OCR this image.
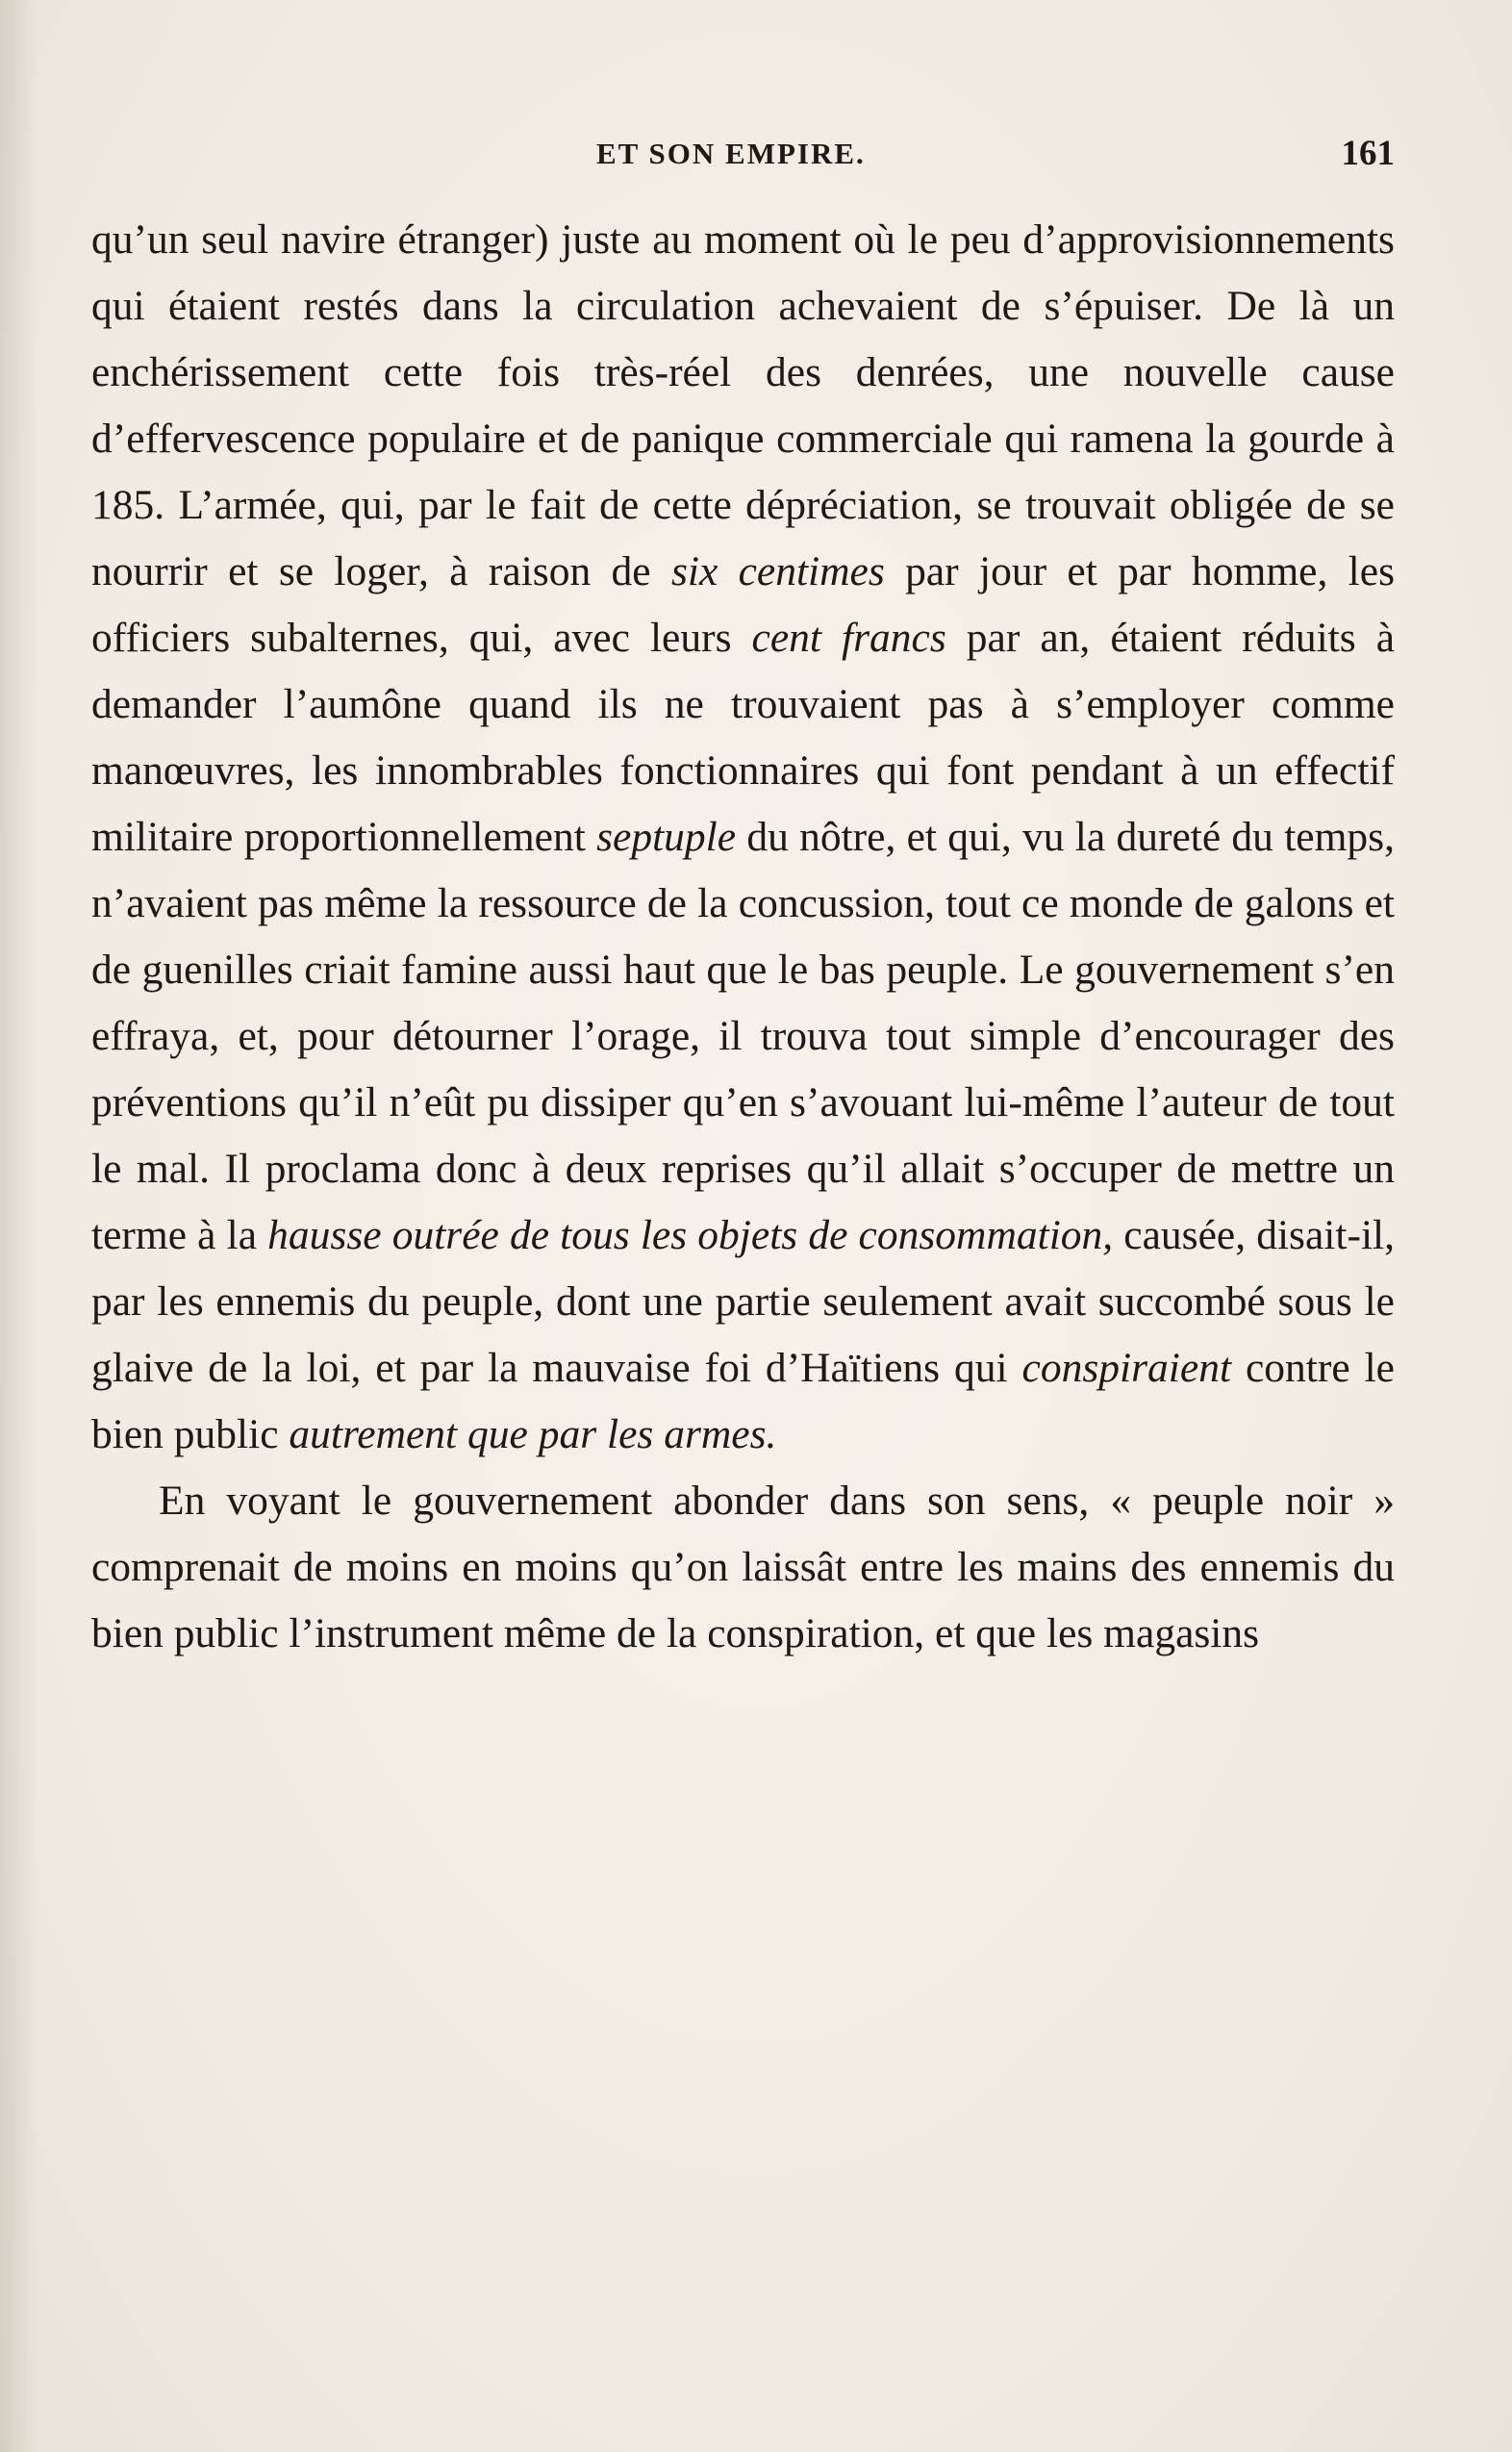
ET SON EMPIRE.	161

qu’un seul navire étranger) juste au moment où le peu d’approvisionnements qui étaient restés dans la circulation achevaient de s’épuiser. De là un enchérissement cette fois très-réel des denrées, une nouvelle cause d’effervescence populaire et de panique commerciale qui ramena la gourde à 185. L’armée, qui, par le fait de cette dépréciation, se trouvait obligée de se nourrir et se loger, à raison de six centimes par jour et par homme, les officiers subalternes, qui, avec leurs cent francs par an, étaient réduits à demander l’aumône quand ils ne trouvaient pas à s’employer comme manœuvres, les innombrables fonctionnaires qui font pendant à un effectif militaire proportionnellement septuple du nôtre, et qui, vu la dureté du temps, n’avaient pas même la ressource de la concussion, tout ce monde de galons et de guenilles criait famine aussi haut que le bas peuple. Le gouvernement s’en effraya, et, pour détourner l’orage, il trouva tout simple d’encourager des préventions qu’il n’eût pu dissiper qu’en s’avouant lui-même l’auteur de tout le mal. Il proclama donc à deux reprises qu’il allait s’occuper de mettre un terme à la hausse outrée de tous les objets de consommation, causée, disait-il, par les ennemis du peuple, dont une partie seulement avait succombé sous le glaive de la loi, et par la mauvaise foi d’Haïtiens qui conspiraient contre le bien public autrement que par les armes.

En voyant le gouvernement abonder dans son sens, « peuple noir » comprenait de moins en moins qu’on laissât entre les mains des ennemis du bien public l’instrument même de la conspiration, et que les magasins
